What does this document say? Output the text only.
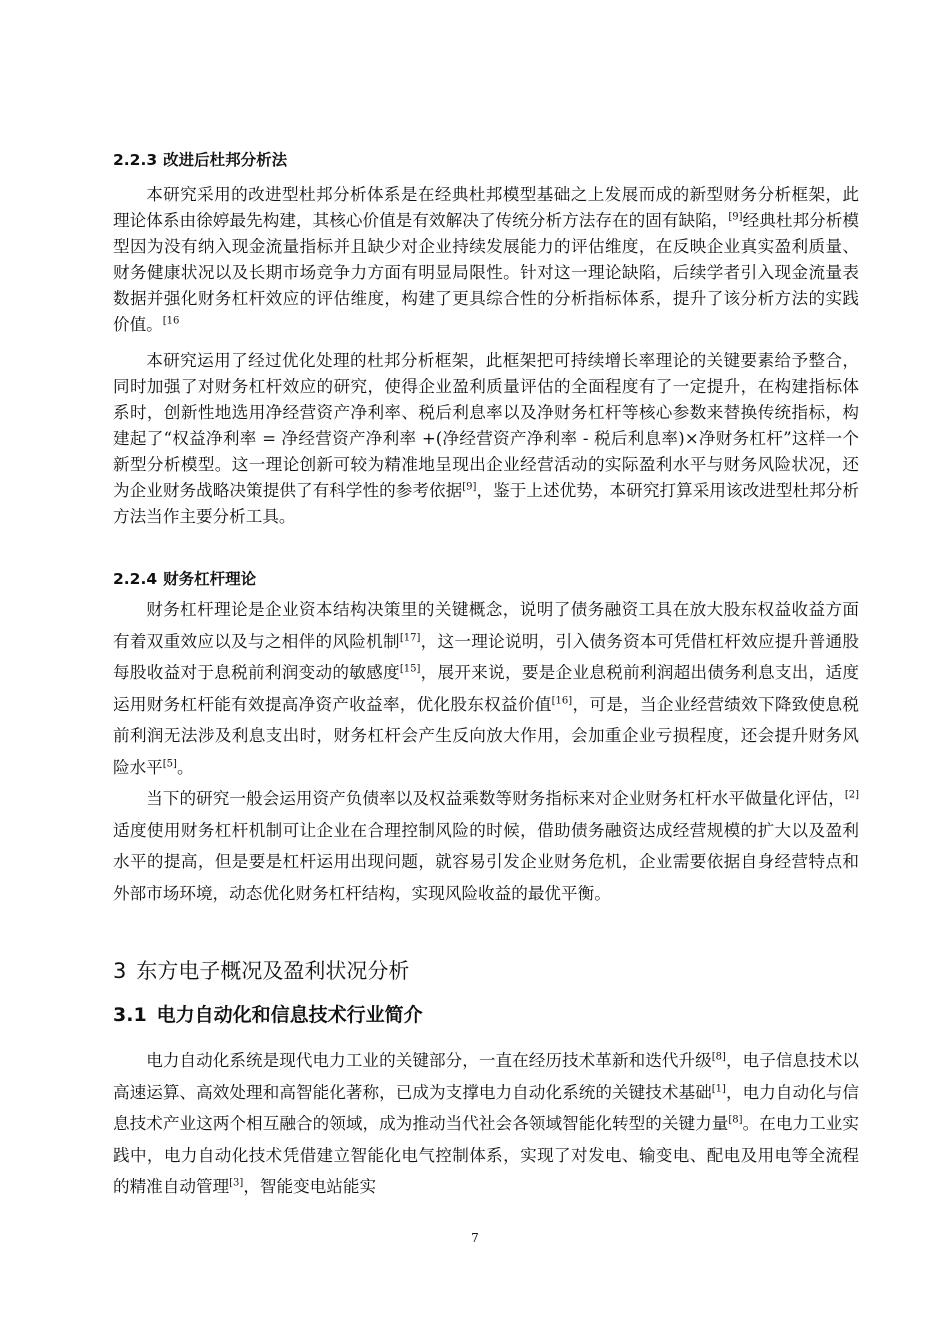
2.2.3 改进后杜邦分析法
本研究采用的改进型杜邦分析体系是在经典杜邦模型基础之上发展而成的新型财务分析框架，此理论体系由徐婷最先构建，其核心价值是有效解决了传统分析方法存在的固有缺陷，[9]经典杜邦分析模型因为没有纳入现金流量指标并且缺少对企业持续发展能力的评估维度，在反映企业真实盈利质量、财务健康状况以及长期市场竞争力方面有明显局限性。针对这一理论缺陷，后续学者引入现金流量表数据并强化财务杠杆效应的评估维度，构建了更具综合性的分析指标体系，提升了该分析方法的实践价值。$^{[16}$
本研究运用了经过优化处理的杜邦分析框架，此框架把可持续增长率理论的关键要素给予整合，同时加强了对财务杠杆效应的研究，使得企业盈利质量评估的全面程度有了一定提升，在构建指标体系时，创新性地选用净经营资产净利率、税后利息率以及净财务杠杆等核心参数来替换传统指标，构建起了“权益净利率 = 净经营资产净利率 +(净经营资产净利率 - 税后利息率)×净财务杠杆”这样一个新型分析模型。这一理论创新可较为精准地呈现出企业经营活动的实际盈利水平与财务风险状况，还为企业财务战略决策提供了有科学性的参考依据[9]，鉴于上述优势，本研究打算采用该改进型杜邦分析方法当作主要分析工具。
2.2.4 财务杠杆理论
财务杠杆理论是企业资本结构决策里的关键概念，说明了债务融资工具在放大股东权益收益方面有着双重效应以及与之相伴的风险机制[17]，这一理论说明，引入债务资本可凭借杠杆效应提升普通股每股收益对于息税前利润变动的敏感度[15]，展开来说，要是企业息税前利润超出债务利息支出，适度运用财务杠杆能有效提高净资产收益率，优化股东权益价值[16]，可是，当企业经营绩效下降致使息税前利润无法涉及利息支出时，财务杠杆会产生反向放大作用，会加重企业亏损程度，还会提升财务风险水平[5]。
当下的研究一般会运用资产负债率以及权益乘数等财务指标来对企业财务杠杆水平做量化评估，[2]适度使用财务杠杆机制可让企业在合理控制风险的时候，借助债务融资达成经营规模的扩大以及盈利水平的提高，但是要是杠杆运用出现问题，就容易引发企业财务危机，企业需要依据自身经营特点和外部市场环境，动态优化财务杠杆结构，实现风险收益的最优平衡。
3 东方电子概况及盈利状况分析
3.1 电力自动化和信息技术行业简介
电力自动化系统是现代电力工业的关键部分，一直在经历技术革新和迭代升级[8]，电子信息技术以高速运算、高效处理和高智能化著称，已成为支撑电力自动化系统的关键技术基础[1]，电力自动化与信息技术产业这两个相互融合的领域，成为推动当代社会各领域智能化转型的关键力量[8]。在电力工业实践中，电力自动化技术凭借建立智能化电气控制体系，实现了对发电、输变电、配电及用电等全流程的精准自动管理[3]，智能变电站能实
7
